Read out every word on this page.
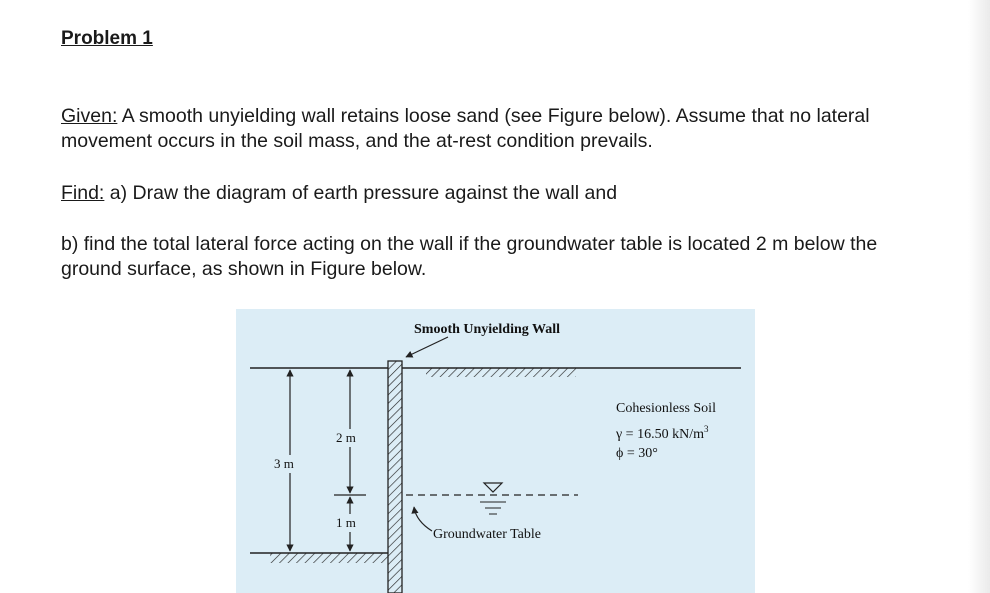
Problem 1
Given: A smooth unyielding wall retains loose sand (see Figure below). Assume that no lateral movement occurs in the soil mass, and the at-rest condition prevails.
Find: a) Draw the diagram of earth pressure against the wall and
b) find the total lateral force acting on the wall if the groundwater table is located 2 m below the ground surface, as shown in Figure below.
Smooth Unyielding Wall
3 m
2 m
1 m
Groundwater Table
Cohesionless Soil
γ = 16.50 $kN/m^3$
ϕ = 30°
